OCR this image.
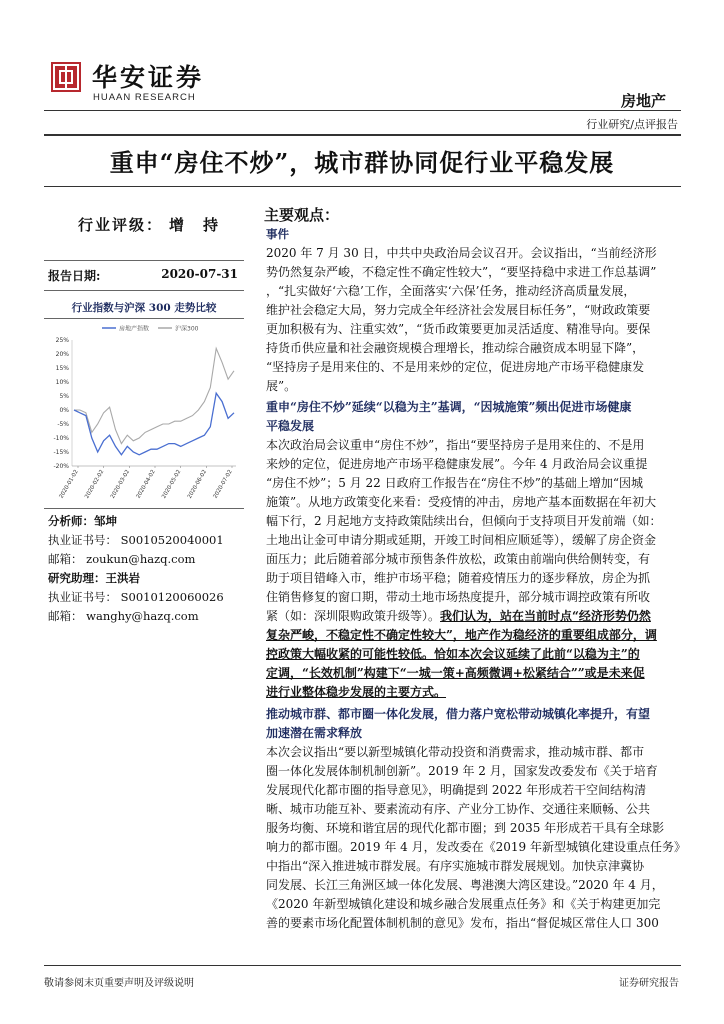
华安证券
HUAAN RESEARCH	房地产
行业研究/点评报告
重申“房住不炒”，城市群协同促行业平稳发展
行业评级： 增　持
报告日期:	2020-07-31
行业指数与沪深 300 走势比较
房地产指数	沪深300
25%
20%
15%
10%
5%
0%
-5%
-10%
-15%
-20%
2020-01-02 2020-02-02 2020-03-02 2020-04-02 2020-05-02 2020-06-02 2020-07-02
分析师：邹坤
执业证书号： S0010520040001
邮箱： zoukun@hazq.com
研究助理：王洪岩
执业证书号： S0010120060026
邮箱： wanghy@hazq.com
主要观点：
事件
2020 年 7 月 30 日，中共中央政治局会议召开。会议指出，“当前经济形
势仍然复杂严峻，不稳定性不确定性较大”，“要坚持稳中求进工作总基调”
，“扎实做好‘六稳’工作，全面落实‘六保’任务，推动经济高质量发展，
维护社会稳定大局，努力完成全年经济社会发展目标任务”，“财政政策要
更加积极有为、注重实效”，“货币政策要更加灵活适度、精准导向。要保
持货币供应量和社会融资规模合理增长，推动综合融资成本明显下降”，
“坚持房子是用来住的、不是用来炒的定位，促进房地产市场平稳健康发
展”。
重申“房住不炒”延续“以稳为主”基调，“因城施策”频出促进市场健康
平稳发展
本次政治局会议重申“房住不炒”，指出“要坚持房子是用来住的、不是用
来炒的定位，促进房地产市场平稳健康发展”。今年 4 月政治局会议重提
“房住不炒”；5 月 22 日政府工作报告在“房住不炒”的基础上增加“因城
施策”。从地方政策变化来看：受疫情的冲击，房地产基本面数据在年初大
幅下行，2 月起地方支持政策陆续出台，但倾向于支持项目开发前端（如：
土地出让金可申请分期或延期，开竣工时间相应顺延等），缓解了房企资金
面压力；此后随着部分城市预售条件放松，政策由前端向供给侧转变，有
助于项目错峰入市，维护市场平稳；随着疫情压力的逐步释放，房企为抓
住销售修复的窗口期，带动土地市场热度提升，部分城市调控政策有所收
紧（如：深圳限购政策升级等）。我们认为，站在当前时点“经济形势仍然
复杂严峻，不稳定性不确定性较大”，地产作为稳经济的重要组成部分，调
控政策大幅收紧的可能性较低。恰如本次会议延续了此前“以稳为主”的
定调，“长效机制”构建下“一城一策+高频微调+松紧结合””或是未来促
进行业整体稳步发展的主要方式。
推动城市群、都市圈一体化发展，借力落户宽松带动城镇化率提升，有望
加速潜在需求释放
本次会议指出“要以新型城镇化带动投资和消费需求，推动城市群、都市
圈一体化发展体制机制创新”。2019 年 2 月，国家发改委发布《关于培育
发展现代化都市圈的指导意见》，明确提到 2022 年形成若干空间结构清
晰、城市功能互补、要素流动有序、产业分工协作、交通往来顺畅、公共
服务均衡、环境和谐宜居的现代化都市圈；到 2035 年形成若干具有全球影
响力的都市圈。2019 年 4 月，发改委在《2019 年新型城镇化建设重点任务》
中指出“深入推进城市群发展。有序实施城市群发展规划。加快京津冀协
同发展、长江三角洲区域一体化发展、粤港澳大湾区建设。”2020 年 4 月，
《2020 年新型城镇化建设和城乡融合发展重点任务》和《关于构建更加完
善的要素市场化配置体制机制的意见》发布，指出“督促城区常住人口 300
敬请参阅末页重要声明及评级说明	证券研究报告
